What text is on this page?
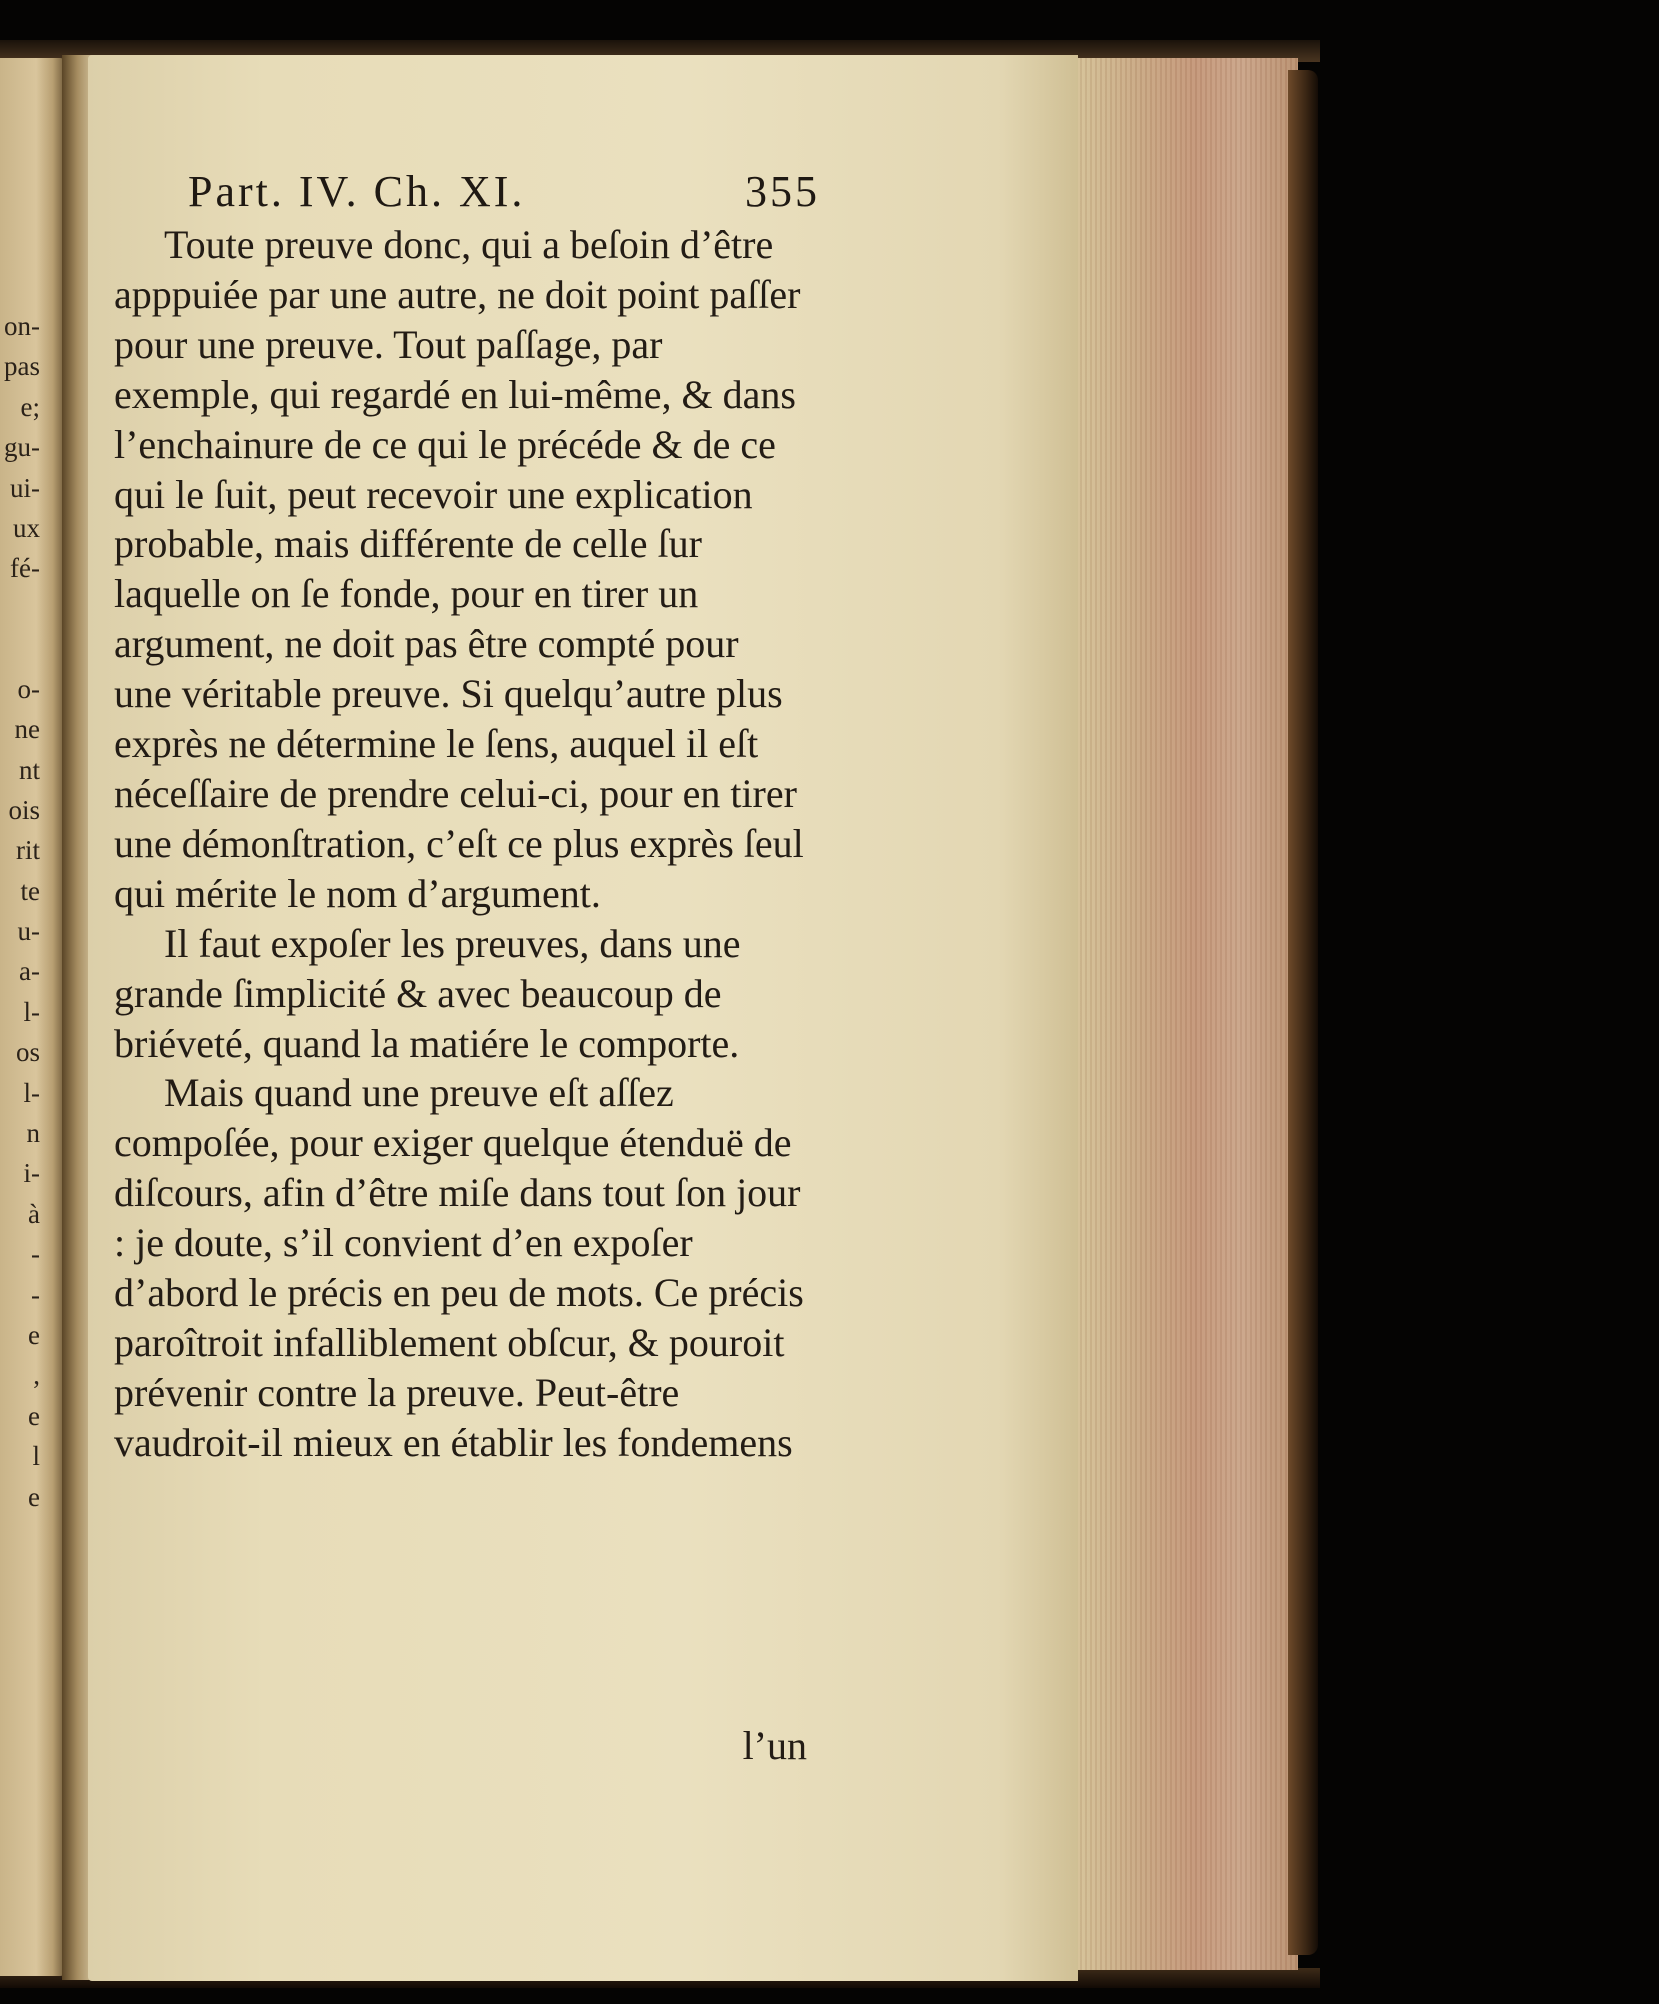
on-
pas
e;
gu-
ui-
ux
fé-
o-
ne
nt
ois
rit
te
u-
a-
l-
os
l-
n
i-
à
-
-
e
,
e
l
e
Part. IV. Ch. XI.	355

Toute preuve donc, qui a beſoin d’être apppuiée par une autre, ne doit point paſſer pour une preuve. Tout paſſage, par exemple, qui regardé en lui-même, & dans l’enchainure de ce qui le précéde & de ce qui le ſuit, peut recevoir une explication probable, mais différente de celle ſur laquelle on ſe fonde, pour en tirer un argument, ne doit pas être compté pour une véritable preuve. Si quelqu’autre plus exprès ne détermine le ſens, auquel il eſt néceſſaire de prendre celui-ci, pour en tirer une démonſtration, c’eſt ce plus exprès ſeul qui mérite le nom d’argument.

Il faut expoſer les preuves, dans une grande ſimplicité & avec beaucoup de briéveté, quand la matiére le comporte.

Mais quand une preuve eſt aſſez compoſée, pour exiger quelque étenduë de diſcours, afin d’être miſe dans tout ſon jour : je doute, s’il convient d’en expoſer d’abord le précis en peu de mots. Ce précis paroîtroit infalliblement obſcur, & pouroit prévenir contre la preuve. Peut-être vaudroit-il mieux en établir les fondemens

l’un
